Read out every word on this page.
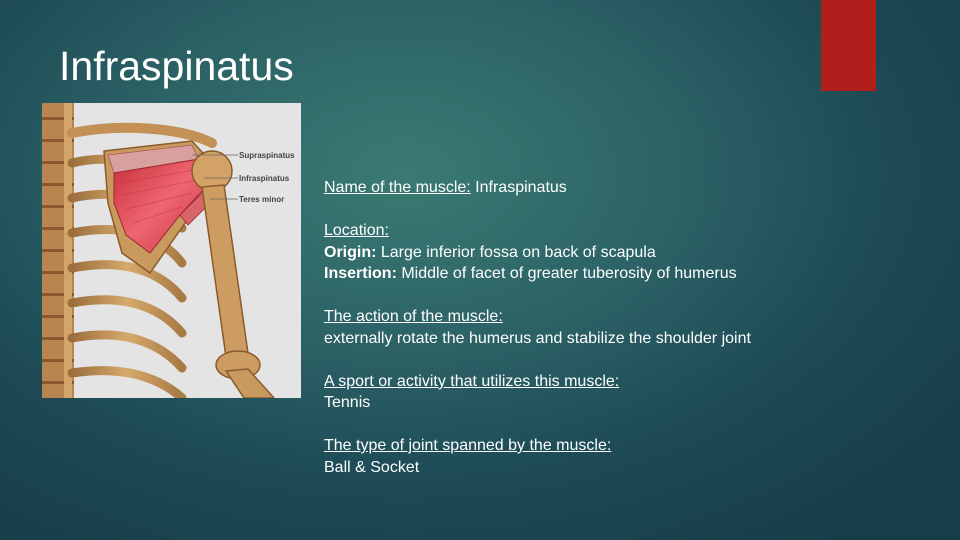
Infraspinatus
Supraspinatus
Infraspinatus
Teres minor

Name of the muscle: Infraspinatus

Location:

Origin: Large inferior fossa on back of scapula

Insertion: Middle of facet of greater tuberosity of humerus

The action of the muscle:

externally rotate the humerus and stabilize the shoulder joint

A sport or activity that utilizes this muscle:

Tennis

The type of joint spanned by the muscle:

Ball & Socket
